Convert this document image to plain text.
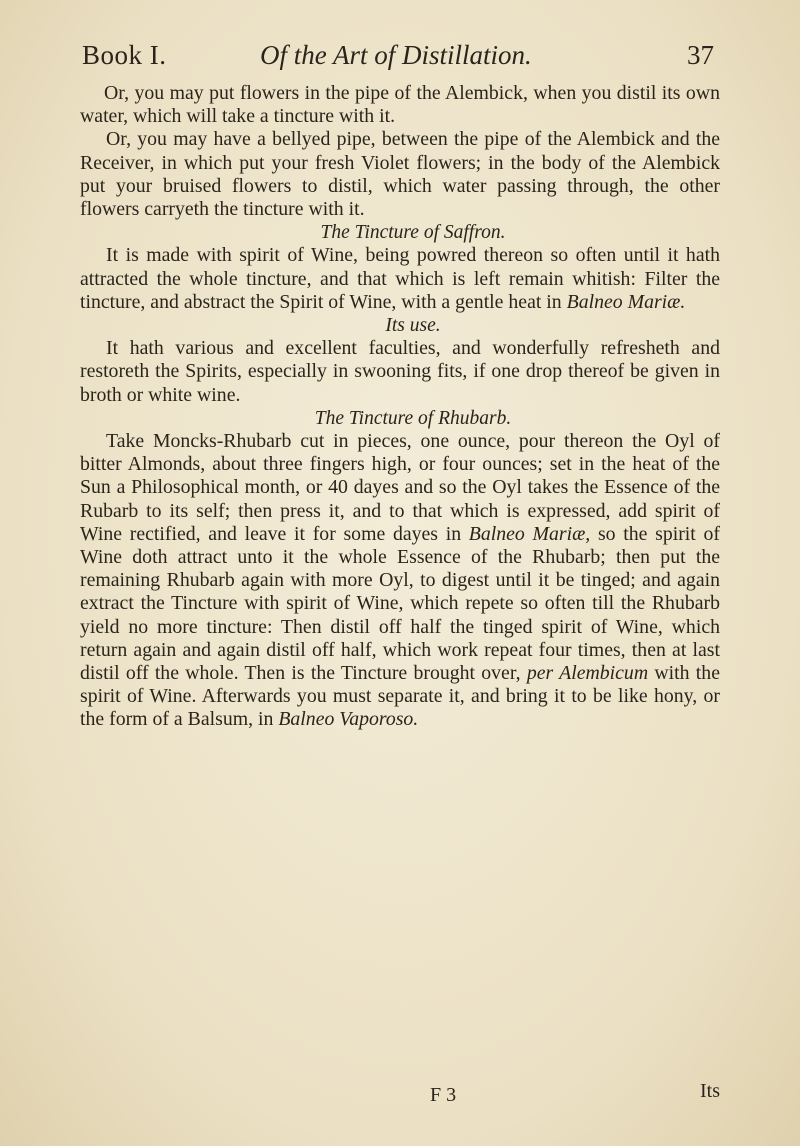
Book I.	Of the Art of Distillation.	37

Or, you may put flowers in the pipe of the Alembick, when you distil its own water, which will take a tincture with it.

Or, you may have a bellyed pipe, between the pipe of the Alembick and the Receiver, in which put your fresh Violet flowers; in the body of the Alembick put your bruised flowers to distil, which water passing through, the other flowers carryeth the tincture with it.

The Tincture of Saffron.

It is made with spirit of Wine, being powred thereon so often until it hath attracted the whole tincture, and that which is left remain whitish: Filter the tincture, and abstract the Spirit of Wine, with a gentle heat in Balneo Mariæ.

Its use.

It hath various and excellent faculties, and wonderfully refresheth and restoreth the Spirits, especially in swooning fits, if one drop thereof be given in broth or white wine.

The Tincture of Rhubarb.

Take Moncks-Rhubarb cut in pieces, one ounce, pour thereon the Oyl of bitter Almonds, about three fingers high, or four ounces; set in the heat of the Sun a Philosophical month, or 40 dayes and so the Oyl takes the Essence of the Rubarb to its self; then press it, and to that which is expressed, add spirit of Wine rectified, and leave it for some dayes in Balneo Mariæ, so the spirit of Wine doth attract unto it the whole Essence of the Rhubarb; then put the remaining Rhubarb again with more Oyl, to digest until it be tinged; and again extract the Tincture with spirit of Wine, which repete so often till the Rhubarb yield no more tincture: Then distil off half the tinged spirit of Wine, which return again and again distil off half, which work repeat four times, then at last distil off the whole. Then is the Tincture brought over, per Alembicum with the spirit of Wine. Afterwards you must separate it, and bring it to be like hony, or the form of a Balsum, in Balneo Vaporoso.

F 3	Its
